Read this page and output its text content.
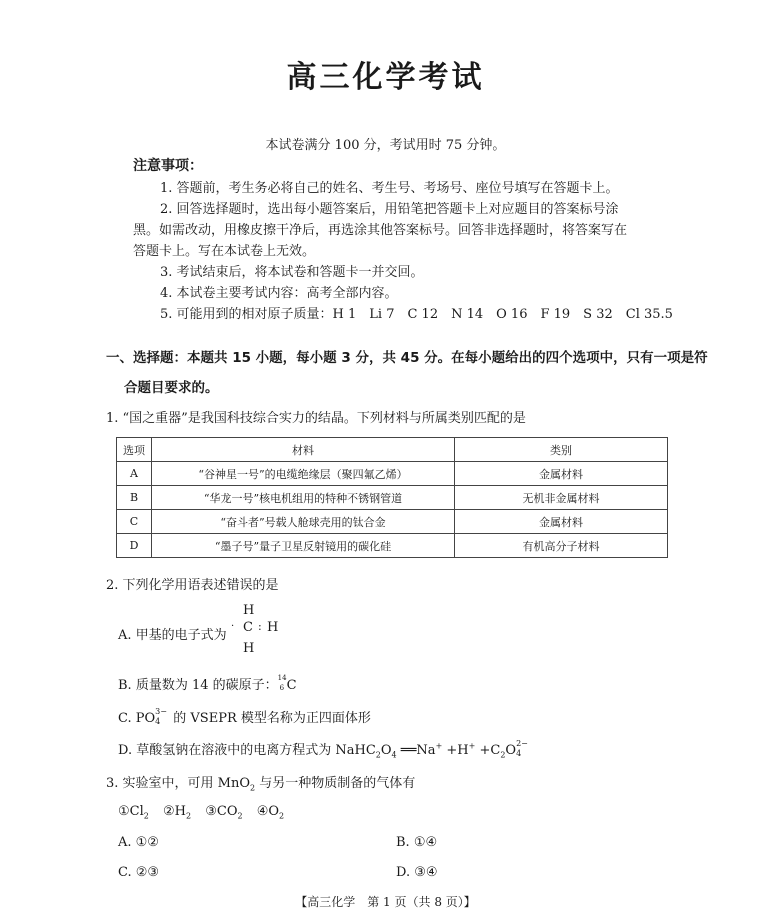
高三化学考试
本试卷满分 100 分，考试用时 75 分钟。
注意事项：
1. 答题前，考生务必将自己的姓名、考生号、考场号、座位号填写在答题卡上。
2. 回答选择题时，选出每小题答案后，用铅笔把答题卡上对应题目的答案标号涂
黑。如需改动，用橡皮擦干净后，再选涂其他答案标号。回答非选择题时，将答案写在
答题卡上。写在本试卷上无效。
3. 考试结束后，将本试卷和答题卡一并交回。
4. 本试卷主要考试内容：高考全部内容。
5. 可能用到的相对原子质量：H 1　Li 7　C 12　N 14　O 16　F 19　S 32　Cl 35.5
一、选择题：本题共 15 小题，每小题 3 分，共 45 分。在每小题给出的四个选项中，只有一项是符
合题目要求的。
1. “国之重器”是我国科技综合实力的结晶。下列材料与所属类别匹配的是
选项	材料	类别
A	“谷神星一号”的电缆绝缘层（聚四氟乙烯）	金属材料
B	“华龙一号”核电机组用的特种不锈钢管道	无机非金属材料
C	“奋斗者”号载人舱球壳用的钛合金	金属材料
D	“墨子号”量子卫星反射镜用的碳化硅	有机高分子材料
2. 下列化学用语表述错误的是
A. 甲基的电子式为
H
· C : H
H
B. 质量数为 14 的碳原子：
14
6 C
C. PO 3−
4 的 VSEPR 模型名称为正四面体形
D. 草酸氢钠在溶液中的电离方程式为 $NaHC_2O_4$ ══Na+ $+H^+ +C_2O$ 2−
4
3. 实验室中，可用 MnO$_2$ 与另一种物质制备的气体有
$①Cl_2$ $②H_2$ $③CO_2$ $④O_2$
A. ①②	B. ①④
C. ②③	D. ③④
【高三化学　第 1 页（共 8 页）】
